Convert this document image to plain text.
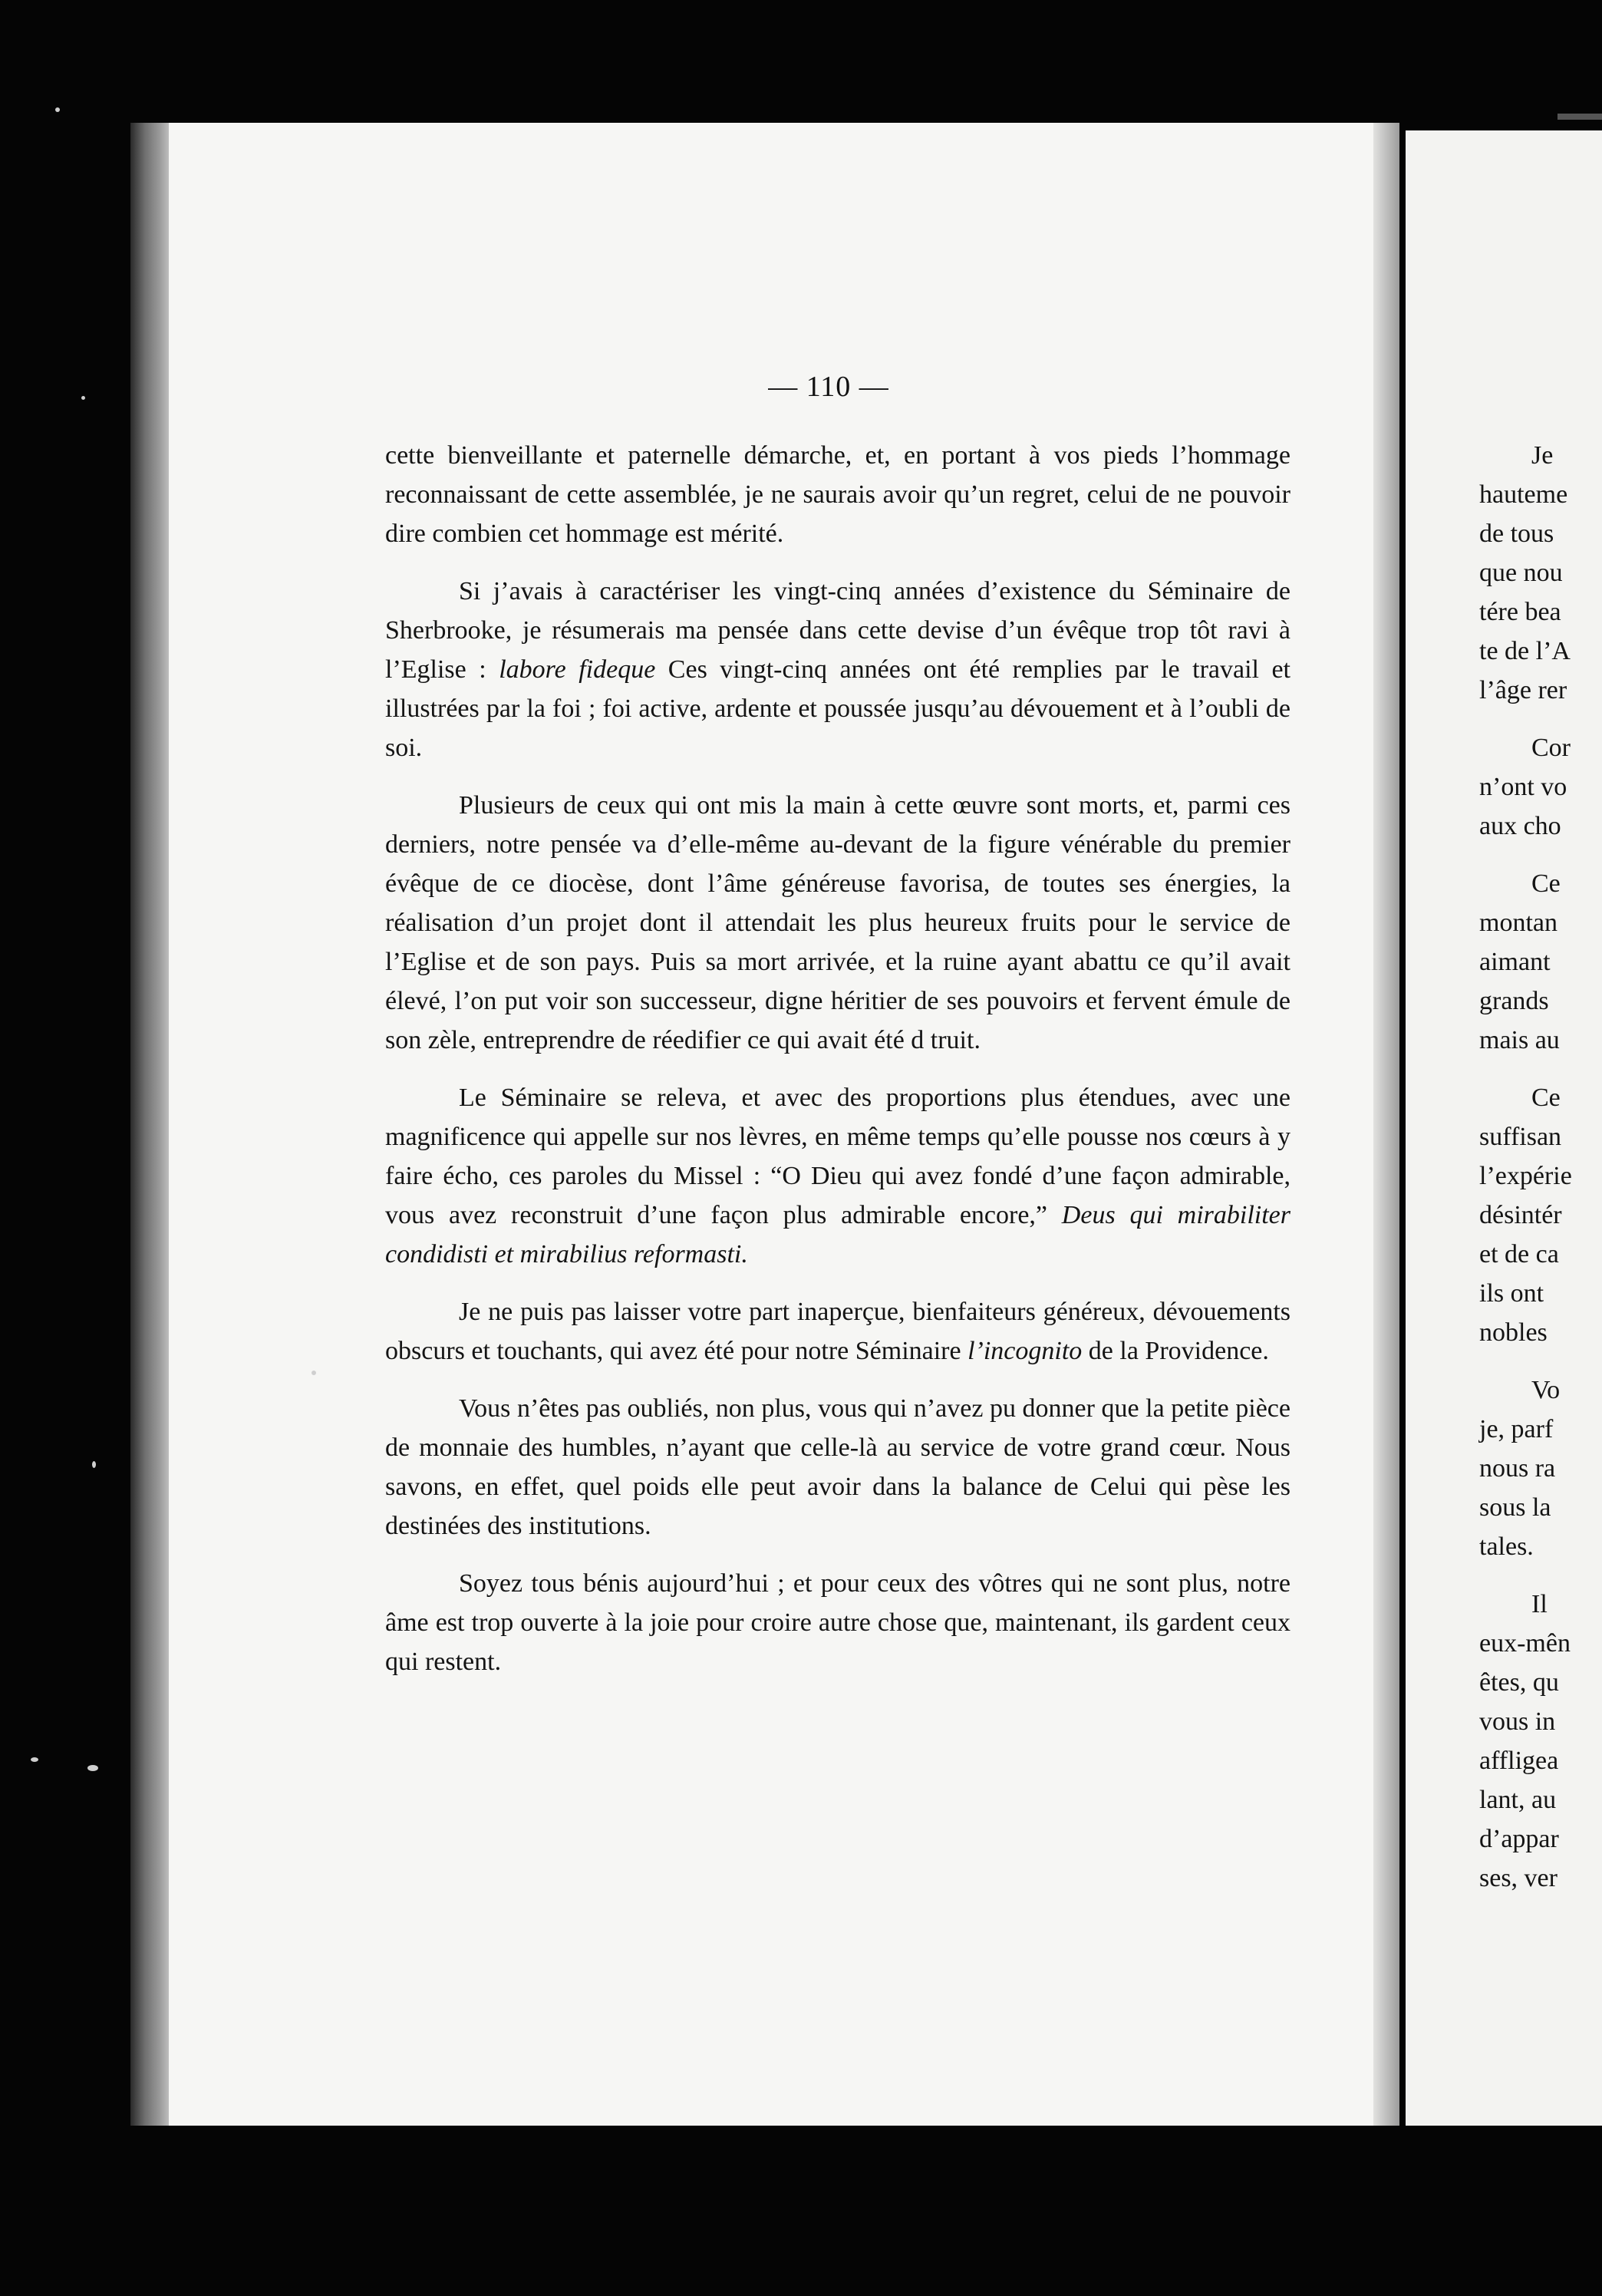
— 110 —

cette bienveillante et paternelle démarche, et, en portant à vos pieds l’hommage reconnaissant de cette assemblée, je ne saurais avoir qu’un regret, celui de ne pouvoir dire combien cet hommage est mérité.

Si j’avais à caractériser les vingt-cinq années d’existence du Séminaire de Sherbrooke, je résumerais ma pensée dans cette devise d’un évêque trop tôt ravi à l’Eglise : labore fideque Ces vingt-cinq années ont été remplies par le travail et illustrées par la foi ; foi active, ardente et poussée jusqu’au dévouement et à l’oubli de soi.

Plusieurs de ceux qui ont mis la main à cette œuvre sont morts, et, parmi ces derniers, notre pensée va d’elle-même au-devant de la figure vénérable du premier évêque de ce diocèse, dont l’âme généreuse favorisa, de toutes ses énergies, la réalisation d’un projet dont il attendait les plus heureux fruits pour le service de l’Eglise et de son pays. Puis sa mort arrivée, et la ruine ayant abattu ce qu’il avait élevé, l’on put voir son successeur, digne héritier de ses pouvoirs et fervent émule de son zèle, entreprendre de réedifier ce qui avait été d truit.

Le Séminaire se releva, et avec des proportions plus étendues, avec une magnificence qui appelle sur nos lèvres, en même temps qu’elle pousse nos cœurs à y faire écho, ces paroles du Missel : “O Dieu qui avez fondé d’une façon admirable, vous avez reconstruit d’une façon plus admirable encore,” Deus qui mirabiliter condidisti et mirabilius reformasti.

Je ne puis pas laisser votre part inaperçue, bienfaiteurs généreux, dévouements obscurs et touchants, qui avez été pour notre Séminaire l’incognito de la Providence.

Vous n’êtes pas oubliés, non plus, vous qui n’avez pu donner que la petite pièce de monnaie des humbles, n’ayant que celle-là au service de votre grand cœur. Nous savons, en effet, quel poids elle peut avoir dans la balance de Celui qui pèse les destinées des institutions.

Soyez tous bénis aujourd’hui ; et pour ceux des vôtres qui ne sont plus, notre âme est trop ouverte à la joie pour croire autre chose que, maintenant, ils gardent ceux qui restent.

Je
hauteme
de tous
que nou
tére bea
te de l’A
l’âge rer
Cor
n’ont vo
aux cho
Ce
montan
aimant
grands
mais au
Ce
suffisan
l’expérie
désintér
et de ca
ils ont
nobles
Vo
je, parf
nous ra
sous la
tales.
Il
eux-mên
êtes, qu
vous in
affligea
lant, au
d’appar
ses, ver
